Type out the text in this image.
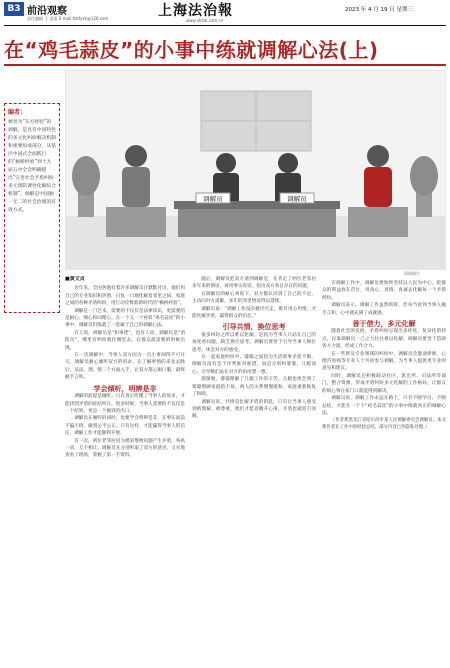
B3 前沿观察
责任编辑 王 睿嘉 E-mail:fzbfyzk@126.com	上海法治報
www.shfzb.com.cn
2023 年 4 月 19 日 星期三
在“鸡毛蒜皮”的小事中练就调解心法(上)
调解员	调解员
资料图片
编者：
被誉为“东方经验”的调解，是具有中国特色的多元化纠纷解决机制和重要组成部分，从基层中国式全面践行的“枫桥经验”到十九届五中全会明确提出“完善社会矛盾纠纷多元预防调处化解综合机制”，调解是中国独一无二的社会治理的有效方式。
■黄文贞

近年来，全国各地有着许多调解员在默默付出，他们用自己的专业知识和热情，日复一日地化解着邻里之间、家庭之间的各种矛盾纠纷，用行动诠释着新时代的“枫桥经验”。

调解是一门艺术，需要的不仅仅是法律知识，更需要的是耐心、细心和同理心。在一个又一个看似“鸡毛蒜皮”的小事中，调解员们练就了一套属于自己的调解心法。

有人说，调解员是“和事佬”，也有人说，调解员是“消防员”，哪里有纠纷就往哪里去，在群众最需要的时候出现。

在一次调解中，当事人双方因为一点小事闹得不可开交，调解员耐心倾听双方的诉求，在了解事情的来龙去脉后，从法、理、情三个方面入手，让双方都心服口服，最终握手言和。

学会倾听，明辨是非

调解的前提是倾听。只有真正听懂了当事人的诉求，才能找到矛盾的症结所在。很多时候，当事人需要的不仅仅是一个结果，更是一个倾诉的出口。

调解员在倾听的同时，也要学会明辨是非，在事实面前不偏不倚，做到公平公正。只有这样，才能赢得当事人的信任，调解工作才能顺利开展。

有一次，两位老邻居因为楼道堆物问题产生矛盾，各执一词，互不相让。调解员先分别听取了双方的意见，又实地查看了现场，掌握了第一手资料。

随后，调解员把双方请到调解室，先肯定了两位老邻居多年来的情谊，再用事实说话，指出双方各自存在的问题。

在调解员的耐心劝说下，双方都认识到了自己的不足，主动向对方道歉，多年的邻里情谊得以延续。

调解员说：“调解工作没有捷径可走，唯有用心用情，才能化解矛盾，赢得群众的信任。”

引导共情，换位思考

很多纠纷之所以难以化解，是因为当事人只站在自己的角度看问题，缺乏换位思考。调解员要善于引导当事人换位思考，体会对方的感受。

在一起家庭纠纷中，婆媳之间因为生活琐事矛盾不断。调解员没有急于评判谁对谁错，而是分别和婆婆、儿媳谈心，引导她们站在对方的角度想一想。

渐渐地，婆婆理解了儿媳工作的辛苦，儿媳也体会到了婆婆照顾家庭的不易，两人的关系慢慢缓和，家庭重新恢复了和睦。

调解员说，共情是化解矛盾的钥匙，只有让当事人感受到被理解、被尊重，他们才愿意敞开心扉，矛盾也就迎刃而解。

在调解工作中，调解员要始终坚持以人民为中心，把群众的利益放在首位，用真心、真情、真诚去化解每一个矛盾纠纷。

调解员表示，调解工作虽然琐碎，但每当看到当事人握手言和，心中就充满了成就感。

善于借力，多元化解

随着社会的发展，矛盾纠纷呈现出多样化、复杂化的特点，仅靠调解员一己之力往往难以化解。调解员要善于借助各方力量，形成工作合力。

在一些涉及专业领域的纠纷中，调解员会邀请律师、心理咨询师等专业人士共同参与调解，为当事人提供更专业的意见和建议。

同时，调解员还积极联动社区、派出所、司法所等部门，整合资源，形成矛盾纠纷多元化解的工作格局，让群众的烦心事在家门口就能得到解决。

调解员说，调解工作永远在路上，只有不断学习、不断总结，才能在一个个“鸡毛蒜皮”的小事中练就真正的调解心法。

（作者系黑龙江省哈尔滨市某人民调解委员会调解员。本文系作者在工作中的经验总结，部分内容已作隐私处理。）
